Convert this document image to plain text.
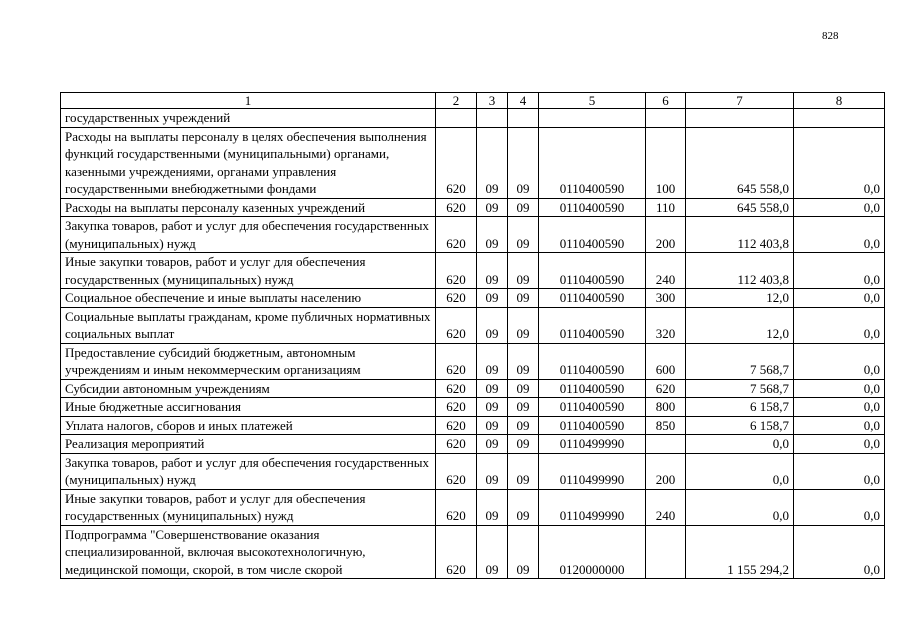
828
1	2	3	4	5	6	7	8
государственных учреждений							
Расходы на выплаты персоналу в целях обеспечения выполнения функций государственными (муниципальными) органами, казенными учреждениями, органами управления государственными внебюджетными фондами	620	09	09	0110400590	100	645 558,0	0,0
Расходы на выплаты персоналу казенных учреждений	620	09	09	0110400590	110	645 558,0	0,0
Закупка товаров, работ и услуг для обеспечения государственных (муниципальных) нужд	620	09	09	0110400590	200	112 403,8	0,0
Иные закупки товаров, работ и услуг для обеспечения государственных (муниципальных) нужд	620	09	09	0110400590	240	112 403,8	0,0
Социальное обеспечение и иные выплаты населению	620	09	09	0110400590	300	12,0	0,0
Социальные выплаты гражданам, кроме публичных нормативных социальных выплат	620	09	09	0110400590	320	12,0	0,0
Предоставление субсидий бюджетным, автономным учреждениям и иным некоммерческим организациям	620	09	09	0110400590	600	7 568,7	0,0
Субсидии автономным учреждениям	620	09	09	0110400590	620	7 568,7	0,0
Иные бюджетные ассигнования	620	09	09	0110400590	800	6 158,7	0,0
Уплата налогов, сборов и иных платежей	620	09	09	0110400590	850	6 158,7	0,0
Реализация мероприятий	620	09	09	0110499990		0,0	0,0
Закупка товаров, работ и услуг для обеспечения государственных (муниципальных) нужд	620	09	09	0110499990	200	0,0	0,0
Иные закупки товаров, работ и услуг для обеспечения государственных (муниципальных) нужд	620	09	09	0110499990	240	0,0	0,0
Подпрограмма "Совершенствование оказания специализированной, включая высокотехнологичную, медицинской помощи, скорой, в том числе скорой	620	09	09	0120000000		1 155 294,2	0,0
